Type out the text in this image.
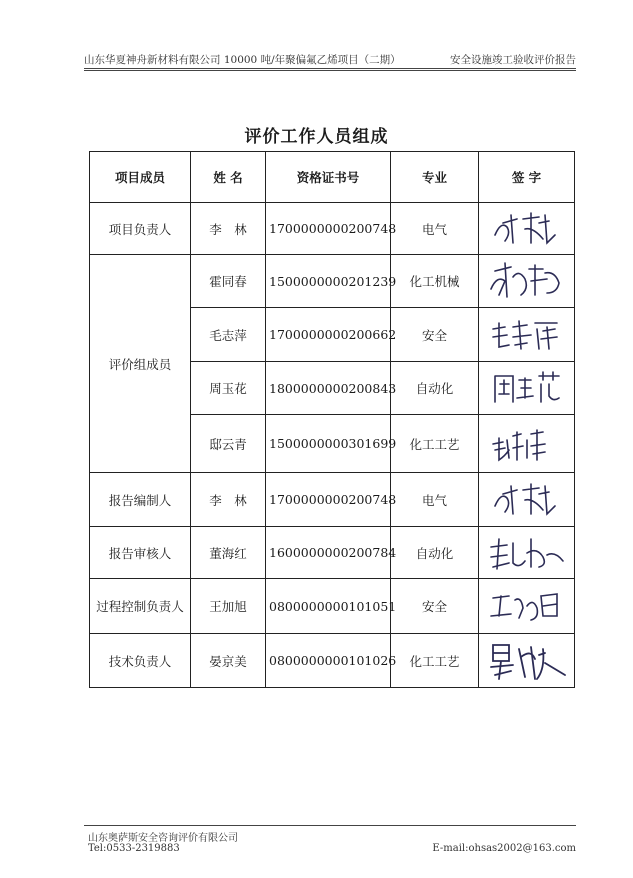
山东华夏神舟新材料有限公司 10000 吨/年聚偏氟乙烯项目（二期）	安全设施竣工验收评价报告
评价工作人员组成
项目成员	姓 名	资格证书号	专业	签 字
项目负责人	李　林	1700000000200748	电气	

评价组成员	霍同春	1500000000201239	化工机械	

	毛志萍	1700000000200662	安全	

	周玉花	1800000000200843	自动化	

	邸云青	1500000000301699	化工工艺	

报告编制人	李　林	1700000000200748	电气	

报告审核人	董海红	1600000000200784	自动化	

过程控制负责人	王加旭	0800000000101051	安全	

技术负责人	晏京美	0800000000101026	化工工艺	
山东奥萨斯安全咨询评价有限公司
Tel:0533-2319883	E-mail:ohsas2002@163.com
